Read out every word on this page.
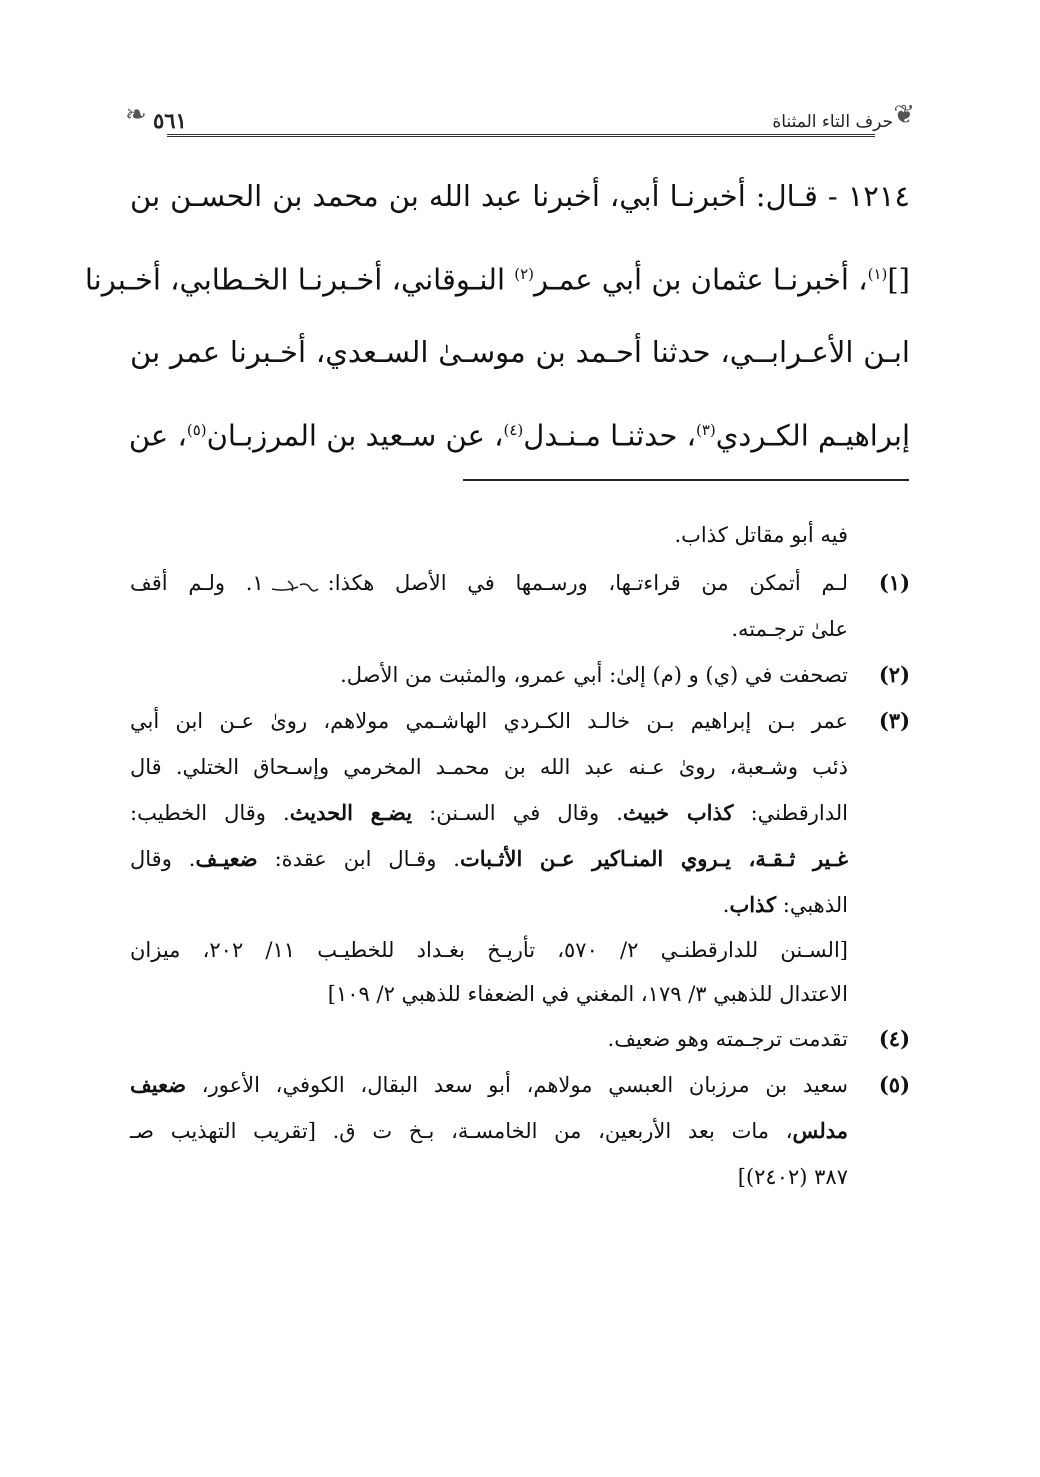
❦
حرف التاء المثناة
٥٦١
❧
١٢١٤ - قـال: أخبرنـا أبي، أخبرنا عبد الله بن محمد بن الحسـن بن
[]$^{(١)}$، أخبرنـا عثمان بن أبي عمـر$^{(٢)}$ النـوقاني، أخـبرنـا الخـطابي، أخـبرنا
ابـن الأعـرابــي، حدثنا أحـمد بن موسـىٰ السـعدي، أخـبرنا عمر بن
إبراهيـم الكـردي$^{(٣)}$، حدثنـا مـنـدل$^{(٤)}$، عن سـعيد بن المرزبـان$^{(٥)}$، عن
فيه أبو مقاتل كذاب.
(١)
لـم أتمكن من قراءتـها، ورسـمها في الأصل هكذا:١. ولـم أقف
علىٰ ترجـمته.
(٢)
تصحفت في (ي) و (م) إلىٰ: أبي عمرو، والمثبت من الأصل.
(٣)
عمر بـن إبراهيم بـن خالـد الكـردي الهاشـمي مولاهم، روىٰ عـن ابن أبي
ذئب وشـعبة، روىٰ عـنه عبد الله بن محمـد المخرمي وإسـحاق الختلي. قال
الدارقطني: كذاب خبيث. وقال في السـنن: يضـع الحديث. وقال الخطيب:
غـير ثـقـة، يـروي المنـاكير عـن الأثـبات. وقـال ابن عقدة: ضعيـف. وقال
الذهبي: كذاب.
[السـنن للدارقطنـي ٢/ ٥٧٠، تأريـخ بغـداد للخطيـب ١١/ ٢٠٢، ميزان
الاعتدال للذهبي ٣/ ١٧٩، المغني في الضعفاء للذهبي ٢/ ١٠٩]
(٤)
تقدمت ترجـمته وهو ضعيف.
(٥)
سعيد بن مرزبان العبسي مولاهم، أبو سعد البقال، الكوفي، الأعور، ضعيف
مدلس، مات بعد الأربعين، من الخامسـة، بـخ ت ق. [تقريب التهذيب صـ
٣٨٧ (٢٤٠٢)]
